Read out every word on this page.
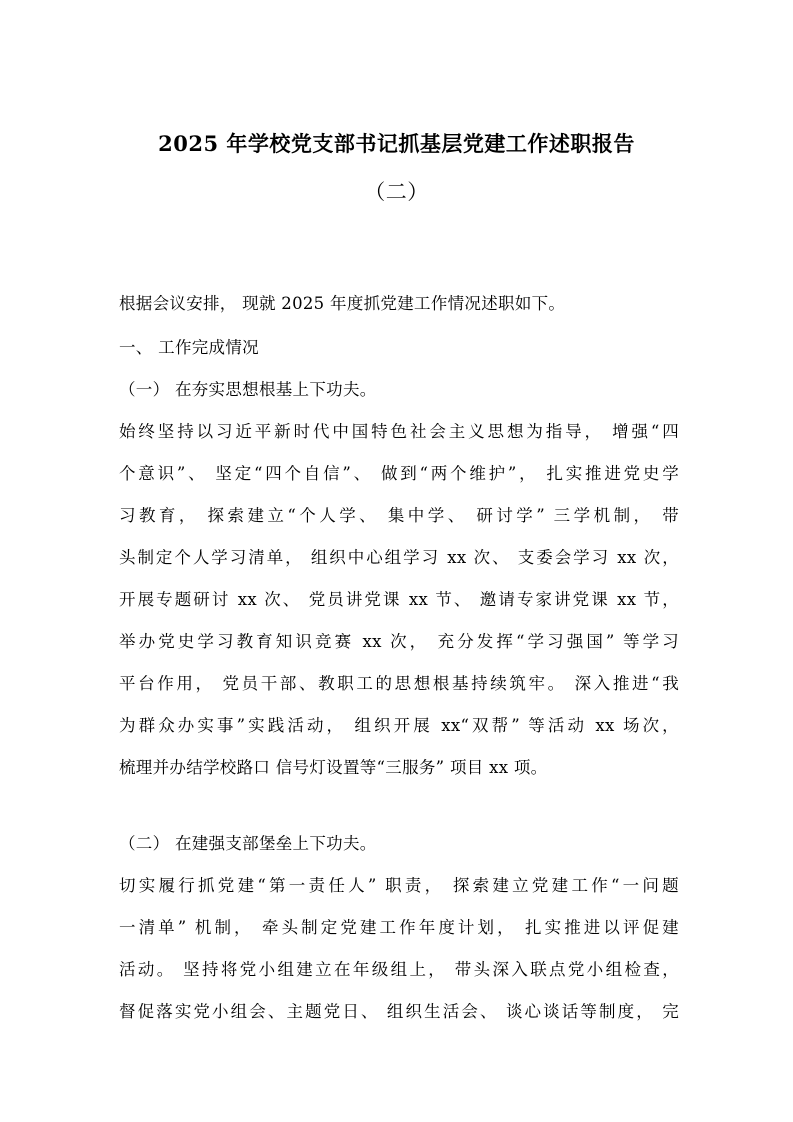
2025 年学校党支部书记抓基层党建工作述职报告
（二）
根据会议安排， 现就 2025 年度抓党建工作情况述职如下。
一、 工作完成情况
（一） 在夯实思想根基上下功夫。
始终坚持以习近平新时代中国特色社会主义思想为指导， 增强“四
个意识”、 坚定“四个自信”、 做到“两个维护”， 扎实推进党史学
习教育， 探索建立“个人学、 集中学、 研讨学” 三学机制， 带
头制定个人学习清单， 组织中心组学习 xx 次、 支委会学习 xx 次，
开展专题研讨 xx 次、 党员讲党课 xx 节、 邀请专家讲党课 xx 节，
举办党史学习教育知识竞赛 xx 次， 充分发挥“学习强国” 等学习
平台作用， 党员干部、教职工的思想根基持续筑牢。 深入推进“我
为群众办实事”实践活动， 组织开展 xx“双帮” 等活动 xx 场次，
梳理并办结学校路口 信号灯设置等“三服务” 项目 xx 项。
（二） 在建强支部堡垒上下功夫。
切实履行抓党建“第一责任人” 职责， 探索建立党建工作“一问题
一清单” 机制， 牵头制定党建工作年度计划， 扎实推进以评促建
活动。 坚持将党小组建立在年级组上， 带头深入联点党小组检查，
督促落实党小组会、主题党日、 组织生活会、 谈心谈话等制度， 完
